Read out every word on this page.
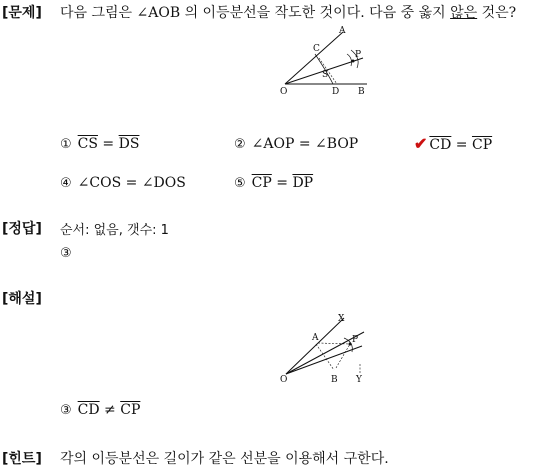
[문제] 다음 그림은 ∠AOB 의 이등분선을 작도한 것이다. 다음 중 옳지 않은 것은?
A
C
P
S
O	D B
① $\overline{CS} = \overline{DS}$	② ∠AOP = ∠BOP	✔ $\overline{CD} = \overline{CP}$
④ ∠COS = ∠DOS	⑤ $\overline{CP} = \overline{DP}$
[정답] 순서: 없음, 갯수: 1
③
[해설]
X
A	P
O	B Y
③ $\overline{CD} \ne \overline{CP}$
[힌트] 각의 이등분선은 길이가 같은 선분을 이용해서 구한다.
